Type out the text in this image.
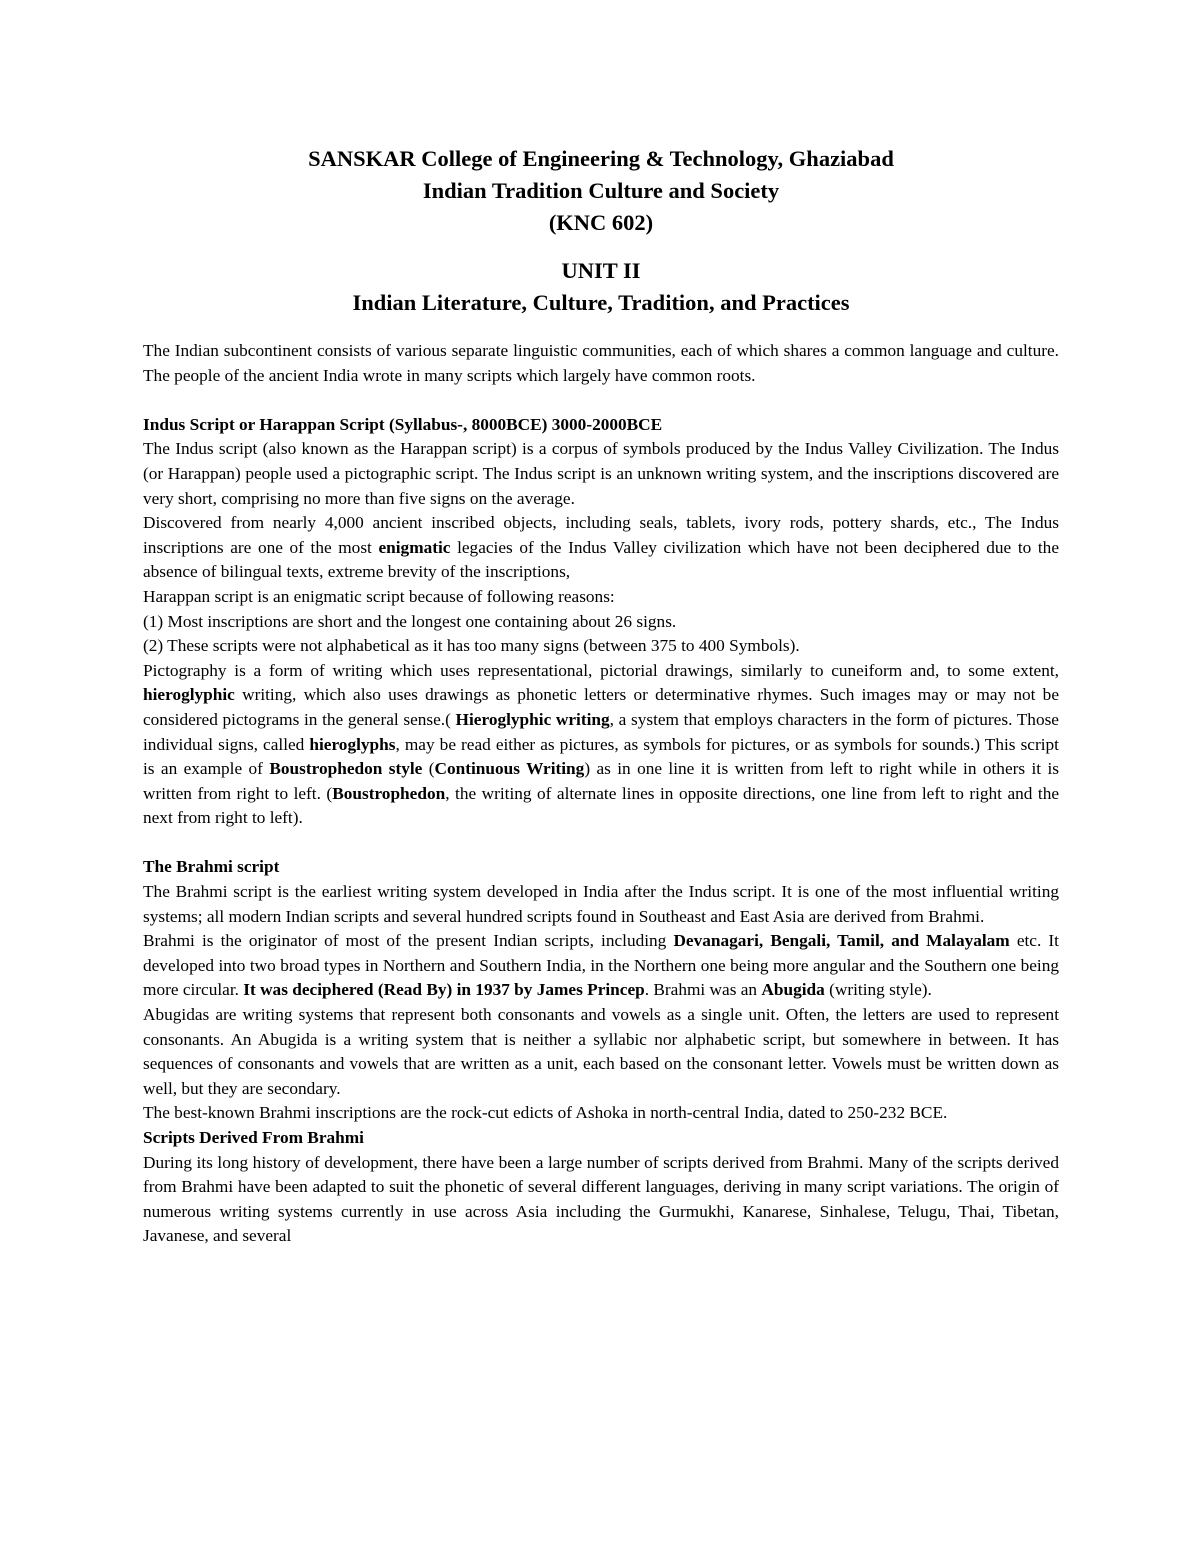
SANSKAR College of Engineering & Technology, Ghaziabad

Indian Tradition Culture and Society

(KNC 602)

UNIT II

Indian Literature, Culture, Tradition, and Practices

The Indian subcontinent consists of various separate linguistic communities, each of which shares a common language and culture. The people of the ancient India wrote in many scripts which largely have common roots.

Indus Script or Harappan Script (Syllabus-, 8000BCE) 3000-2000BCE

The Indus script (also known as the Harappan script) is a corpus of symbols produced by the Indus Valley Civilization. The Indus (or Harappan) people used a pictographic script. The Indus script is an unknown writing system, and the inscriptions discovered are very short, comprising no more than five signs on the average.

Discovered from nearly 4,000 ancient inscribed objects, including seals, tablets, ivory rods, pottery shards, etc., The Indus inscriptions are one of the most enigmatic legacies of the Indus Valley civilization which have not been deciphered due to the absence of bilingual texts, extreme brevity of the inscriptions,

Harappan script is an enigmatic script because of following reasons:

(1) Most inscriptions are short and the longest one containing about 26 signs.

(2) These scripts were not alphabetical as it has too many signs (between 375 to 400 Symbols).

Pictography is a form of writing which uses representational, pictorial drawings, similarly to cuneiform and, to some extent, hieroglyphic writing, which also uses drawings as phonetic letters or determinative rhymes. Such images may or may not be considered pictograms in the general sense.( Hieroglyphic writing, a system that employs characters in the form of pictures. Those individual signs, called hieroglyphs, may be read either as pictures, as symbols for pictures, or as symbols for sounds.) This script is an example of Boustrophedon style (Continuous Writing) as in one line it is written from left to right while in others it is written from right to left. (Boustrophedon, the writing of alternate lines in opposite directions, one line from left to right and the next from right to left).

The Brahmi script

The Brahmi script is the earliest writing system developed in India after the Indus script. It is one of the most influential writing systems; all modern Indian scripts and several hundred scripts found in Southeast and East Asia are derived from Brahmi.

Brahmi is the originator of most of the present Indian scripts, including Devanagari, Bengali, Tamil, and Malayalam etc. It developed into two broad types in Northern and Southern India, in the Northern one being more angular and the Southern one being more circular. It was deciphered (Read By) in 1937 by James Princep. Brahmi was an Abugida (writing style).

Abugidas are writing systems that represent both consonants and vowels as a single unit. Often, the letters are used to represent consonants. An Abugida is a writing system that is neither a syllabic nor alphabetic script, but somewhere in between. It has sequences of consonants and vowels that are written as a unit, each based on the consonant letter. Vowels must be written down as well, but they are secondary.

The best-known Brahmi inscriptions are the rock-cut edicts of Ashoka in north-central India, dated to 250-232 BCE.

Scripts Derived From Brahmi

During its long history of development, there have been a large number of scripts derived from Brahmi. Many of the scripts derived from Brahmi have been adapted to suit the phonetic of several different languages, deriving in many script variations. The origin of numerous writing systems currently in use across Asia including the Gurmukhi, Kanarese, Sinhalese, Telugu, Thai, Tibetan, Javanese, and several
